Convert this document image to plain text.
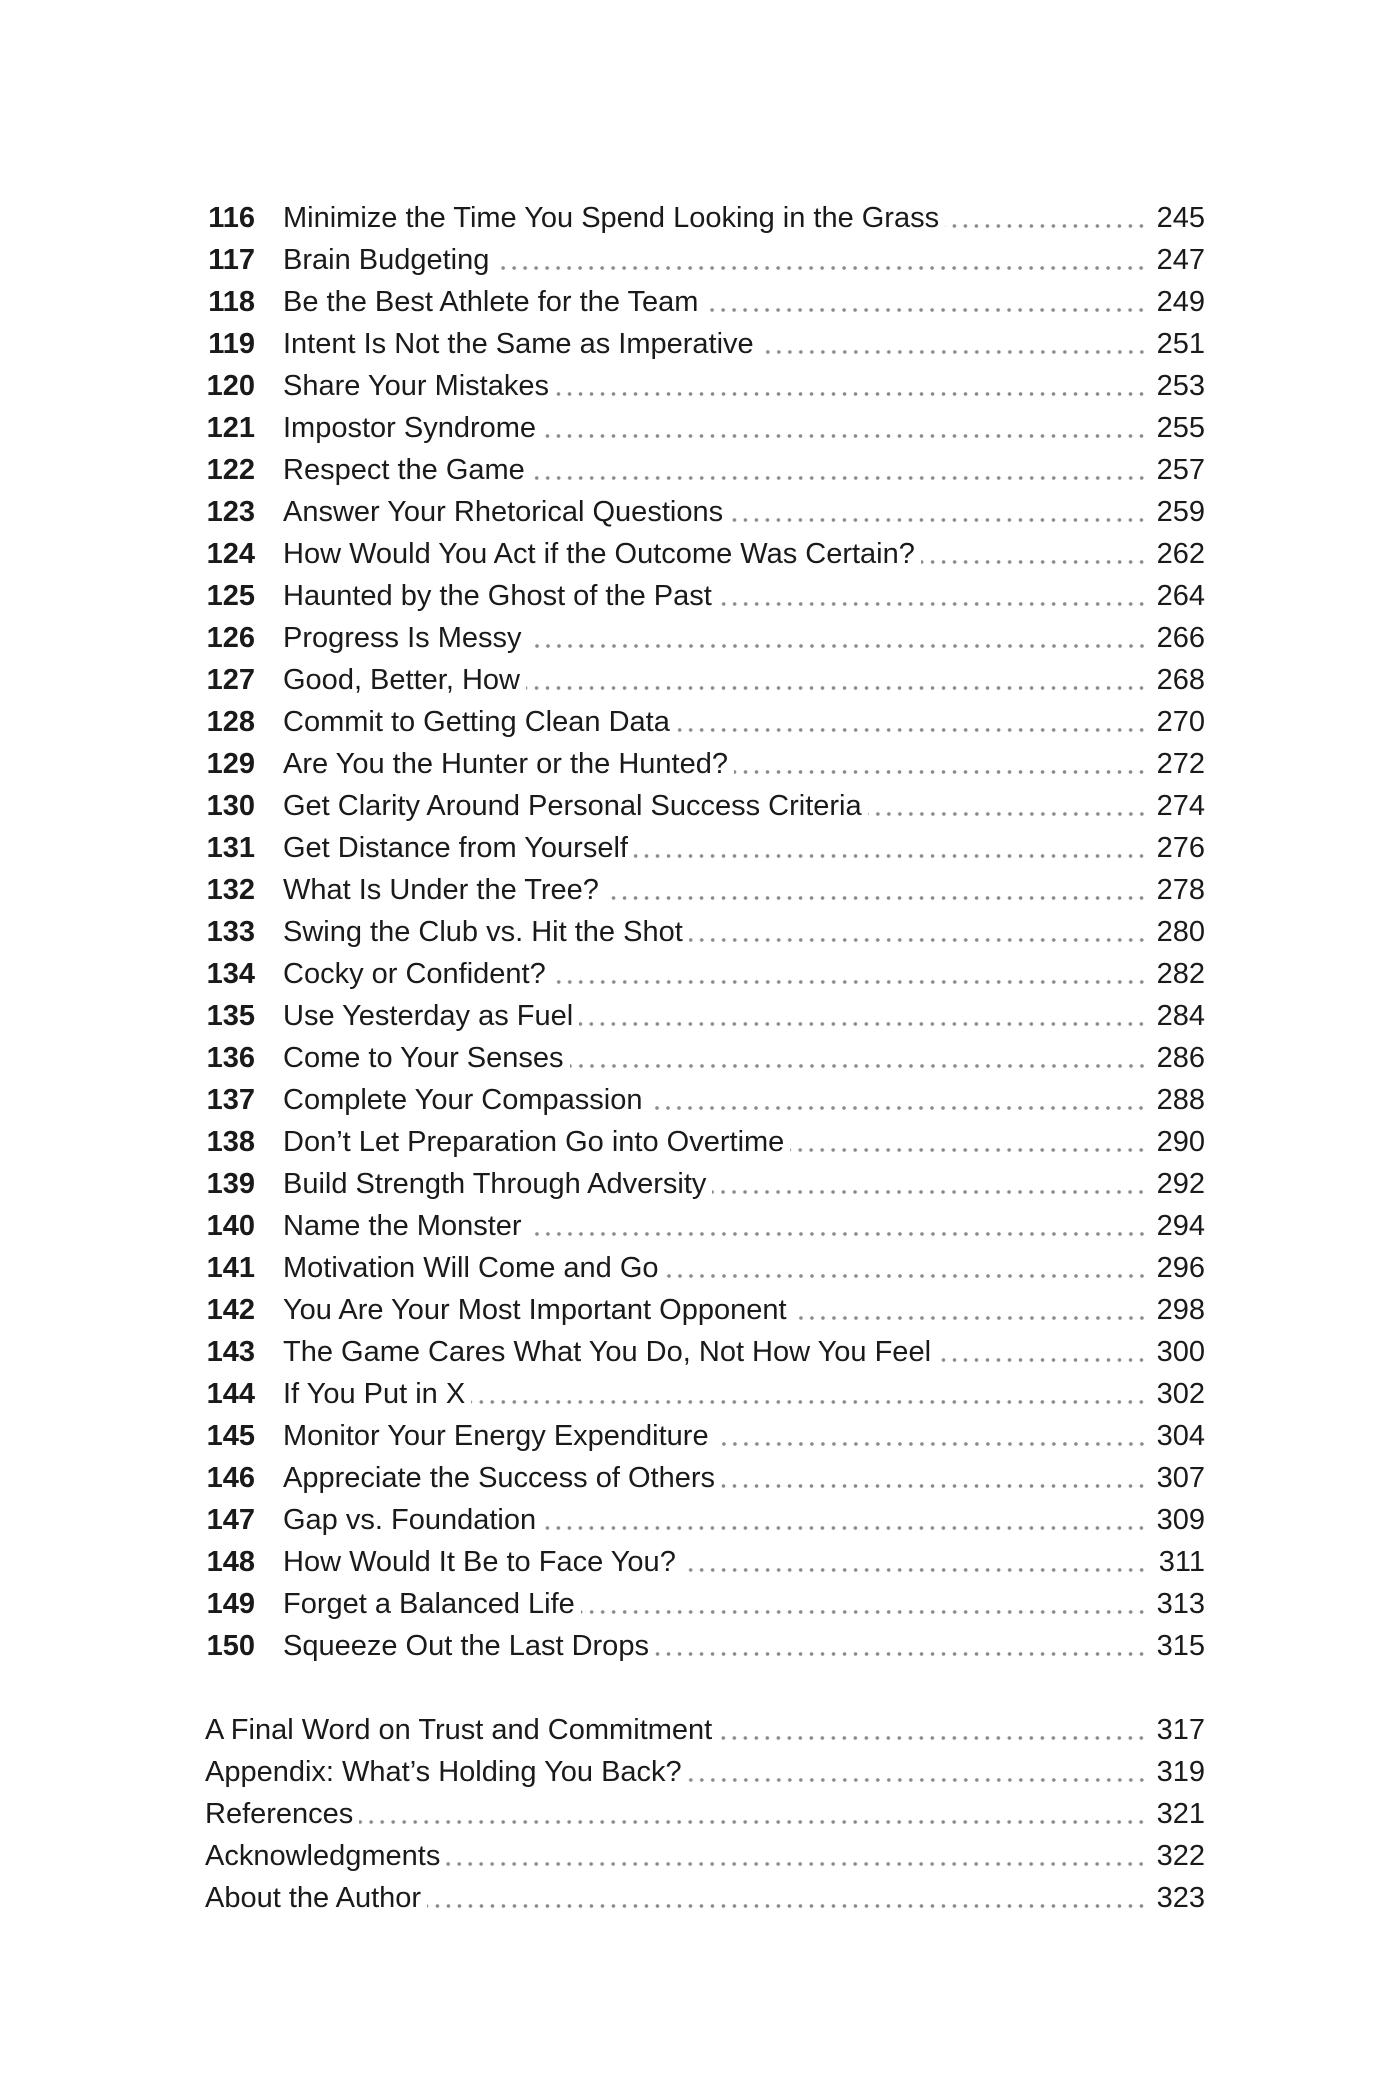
116 Minimize the Time You Spend Looking in the Grass	245
117 Brain Budgeting	247
118 Be the Best Athlete for the Team	249
119 Intent Is Not the Same as Imperative	251
120 Share Your Mistakes	253
121 Impostor Syndrome	255
122 Respect the Game	257
123 Answer Your Rhetorical Questions	259
124 How Would You Act if the Outcome Was Certain?	262
125 Haunted by the Ghost of the Past	264
126 Progress Is Messy	266
127 Good, Better, How	268
128 Commit to Getting Clean Data	270
129 Are You the Hunter or the Hunted?	272
130 Get Clarity Around Personal Success Criteria	274
131 Get Distance from Yourself	276
132 What Is Under the Tree?	278
133 Swing the Club vs. Hit the Shot	280
134 Cocky or Confident?	282
135 Use Yesterday as Fuel	284
136 Come to Your Senses	286
137 Complete Your Compassion	288
138 Don’t Let Preparation Go into Overtime	290
139 Build Strength Through Adversity	292
140 Name the Monster	294
141 Motivation Will Come and Go	296
142 You Are Your Most Important Opponent	298
143 The Game Cares What You Do, Not How You Feel	300
144 If You Put in X	302
145 Monitor Your Energy Expenditure	304
146 Appreciate the Success of Others	307
147 Gap vs. Foundation	309
148 How Would It Be to Face You?	311
149 Forget a Balanced Life	313
150 Squeeze Out the Last Drops	315
A Final Word on Trust and Commitment	317
Appendix: What’s Holding You Back?	319
References	321
Acknowledgments	322
About the Author	323
